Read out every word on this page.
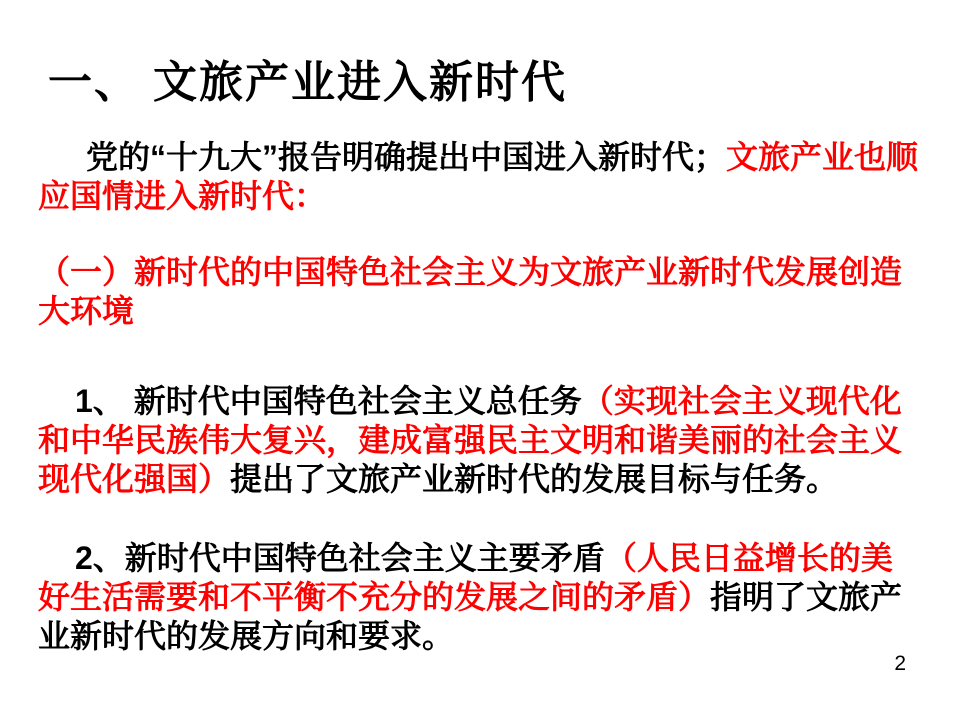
一、 文旅产业进入新时代

党的“十九大”报告明确提出中国进入新时代；文旅产业也顺应国情进入新时代：

（一）新时代的中国特色社会主义为文旅产业新时代发展创造大环境

1、 新时代中国特色社会主义总任务（实现社会主义现代化和中华民族伟大复兴，建成富强民主文明和谐美丽的社会主义现代化强国）提出了文旅产业新时代的发展目标与任务。

2、新时代中国特色社会主义主要矛盾（人民日益增长的美好生活需要和不平衡不充分的发展之间的矛盾）指明了文旅产业新时代的发展方向和要求。

2
